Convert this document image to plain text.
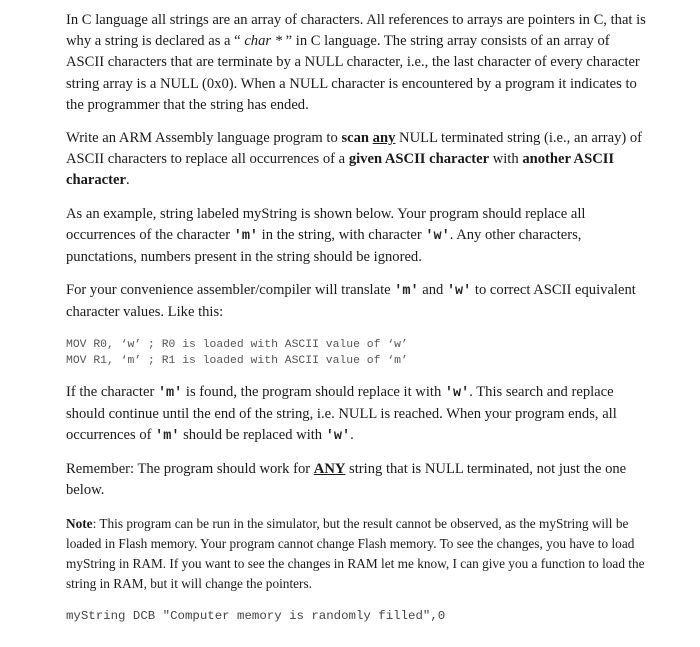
In C language all strings are an array of characters. All references to arrays are pointers in C, that is why a string is declared as a “ char * ” in C language. The string array consists of an array of ASCII characters that are terminate by a NULL character, i.e., the last character of every character string array is a NULL (0x0). When a NULL character is encountered by a program it indicates to the programmer that the string has ended.

Write an ARM Assembly language program to scan any NULL terminated string (i.e., an array) of ASCII characters to replace all occurrences of a given ASCII character with another ASCII character.

As an example, string labeled myString is shown below. Your program should replace all occurrences of the character 'm' in the string, with character 'w'. Any other characters, punctations, numbers present in the string should be ignored.

For your convenience assembler/compiler will translate 'm' and 'w' to correct ASCII equivalent character values. Like this:

MOV R0, ‘w’ ; R0 is loaded with ASCII value of ‘w’
MOV R1, ‘m’ ; R1 is loaded with ASCII value of ‘m’

If the character 'm' is found, the program should replace it with 'w'. This search and replace should continue until the end of the string, i.e. NULL is reached. When your program ends, all occurrences of 'm' should be replaced with 'w'.

Remember: The program should work for ANY string that is NULL terminated, not just the one below.

Note: This program can be run in the simulator, but the result cannot be observed, as the myString will be loaded in Flash memory. Your program cannot change Flash memory. To see the changes, you have to load myString in RAM. If you want to see the changes in RAM let me know, I can give you a function to load the string in RAM, but it will change the pointers.

myString DCB "Computer memory is randomly filled",0
